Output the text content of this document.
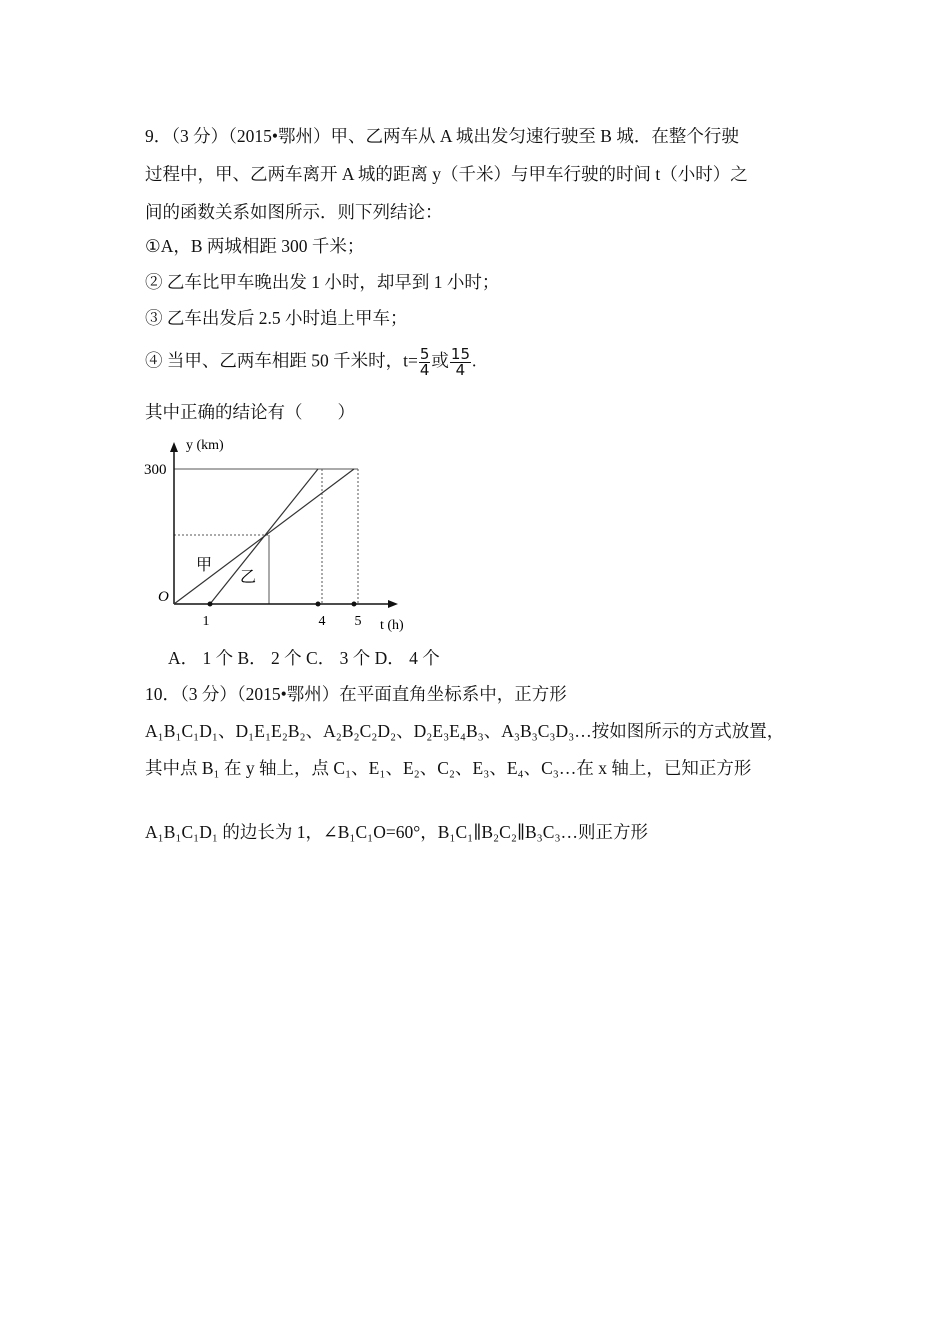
9．（3 分）（2015•鄂州）甲、乙两车从 A 城出发匀速行驶至 B 城．在整个行驶
过程中，甲、乙两车离开 A 城的距离 y（千米）与甲车行驶的时间 t（小时）之
间的函数关系如图所示．则下列结论：
①A，B 两城相距 300 千米；
② 乙车比甲车晚出发 1 小时，却早到 1 小时；
③ 乙车出发后 2.5 小时追上甲车；
④ 当甲、乙两车相距 50 千米时，$t= \frac{5}{4}$ 或 $\frac{15}{4}$ .
其中正确的结论有（　　）
y (km)
300
O
1	4 5 t (h)
甲
乙
A． 1 个 B． 2 个 C． 3 个 D． 4 个
10．（3 分）（2015•鄂州）在平面直角坐标系中，正方形
A₁B₁C₁D₁、D₁E₁E₂B₂、A₂B₂C₂D₂、D₂E₃E₄B₃、A₃B₃C₃D₃…按如图所示的方式放置，
其中点 B₁ 在 y 轴上，点 C₁、E₁、E₂、C₂、E₃、E₄、C₃…在 x 轴上，已知正方形
A₁B₁C₁D₁ 的边长为 1，∠B₁C₁O=60°，B₁C₁∥B₂C₂∥B₃C₃…则正方形
